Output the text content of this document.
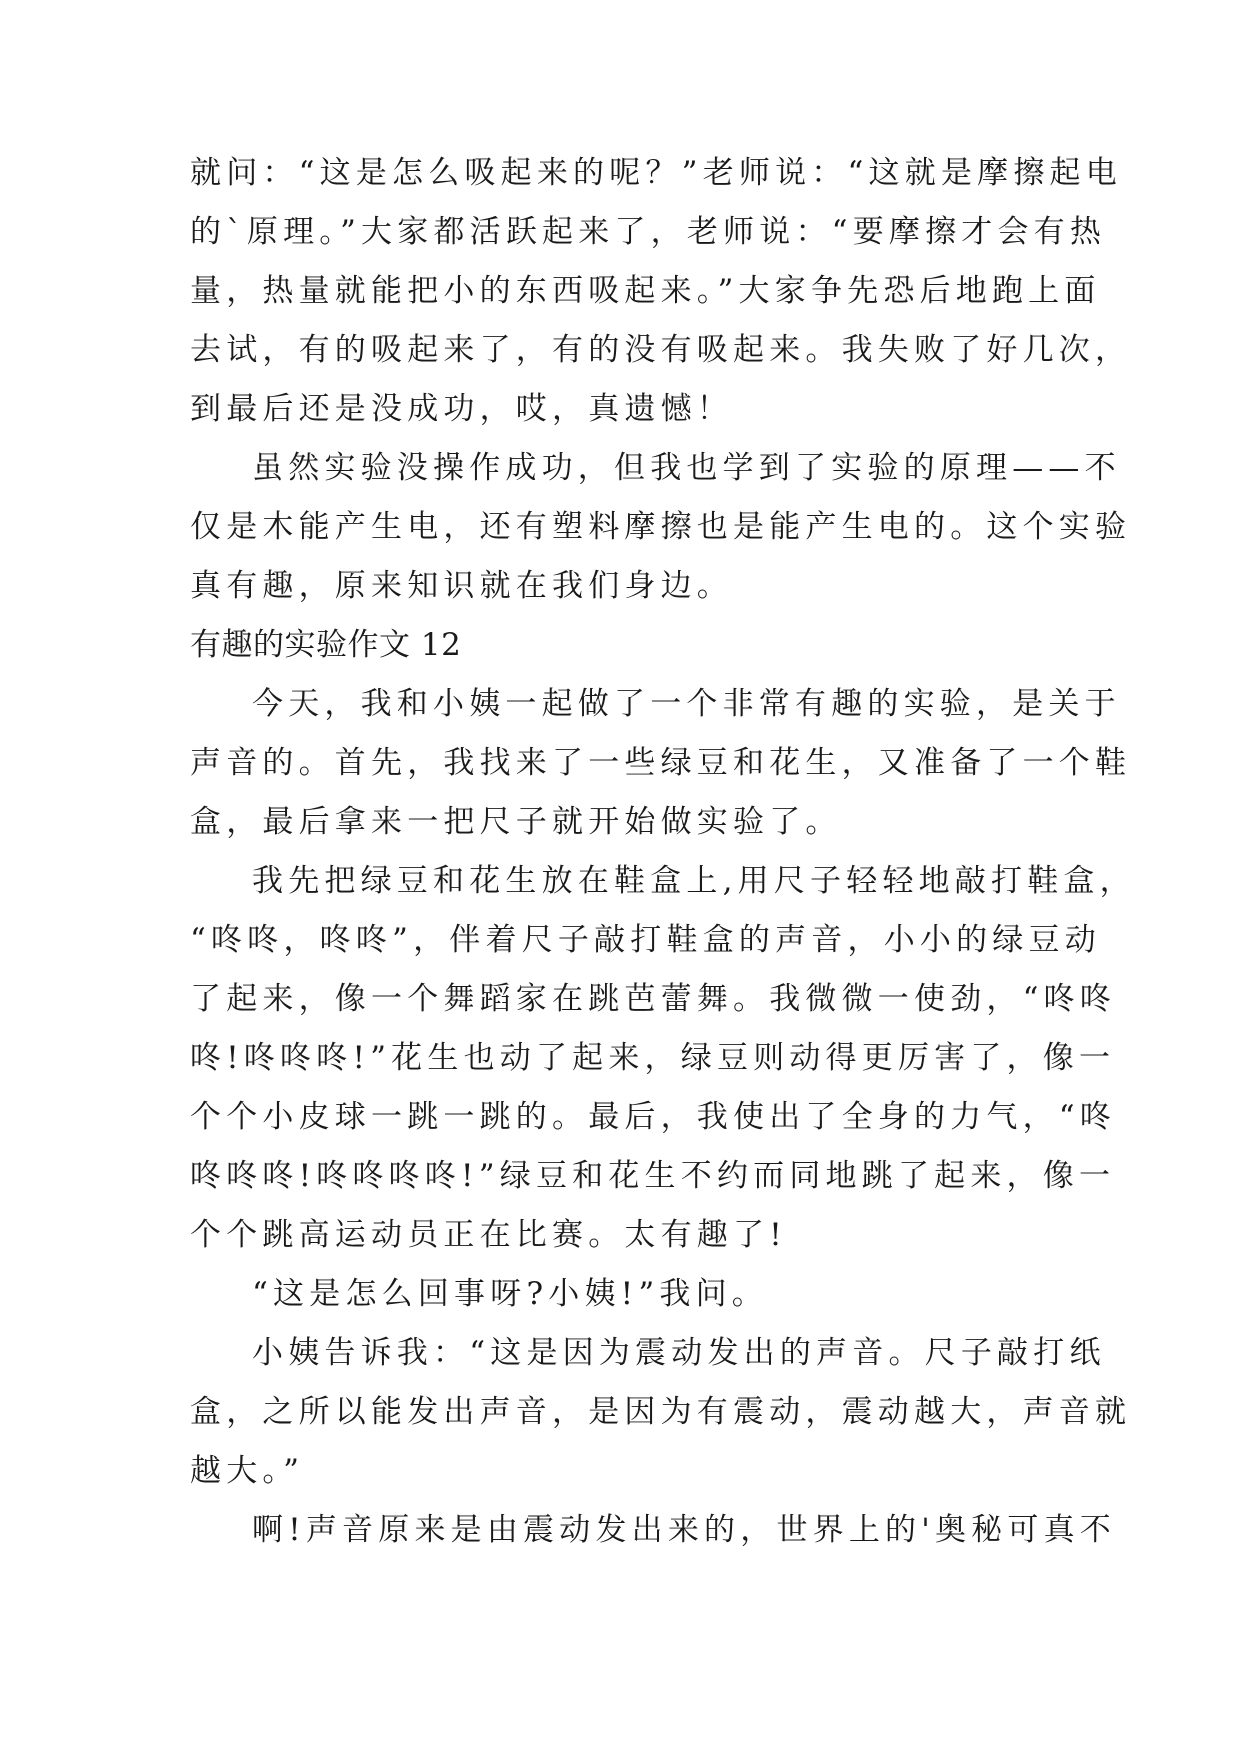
就问：“这是怎么吸起来的呢？”老师说：“这就是摩擦起电
的`原理。”大家都活跃起来了，老师说：“要摩擦才会有热
量，热量就能把小的东西吸起来。”大家争先恐后地跑上面
去试，有的吸起来了，有的没有吸起来。我失败了好几次，
到最后还是没成功，哎，真遗憾！
虽然实验没操作成功，但我也学到了实验的原理——不
仅是木能产生电，还有塑料摩擦也是能产生电的。这个实验
真有趣，原来知识就在我们身边。
有趣的实验作文 12
今天，我和小姨一起做了一个非常有趣的实验，是关于
声音的。首先，我找来了一些绿豆和花生，又准备了一个鞋
盒，最后拿来一把尺子就开始做实验了。
我先把绿豆和花生放在鞋盒上,用尺子轻轻地敲打鞋盒，
“咚咚，咚咚”，伴着尺子敲打鞋盒的声音，小小的绿豆动
了起来，像一个舞蹈家在跳芭蕾舞。我微微一使劲，“咚咚
咚!咚咚咚!”花生也动了起来，绿豆则动得更厉害了，像一
个个小皮球一跳一跳的。最后，我使出了全身的力气，“咚
咚咚咚!咚咚咚咚!”绿豆和花生不约而同地跳了起来，像一
个个跳高运动员正在比赛。太有趣了!
“这是怎么回事呀?小姨!”我问。
小姨告诉我：“这是因为震动发出的声音。尺子敲打纸
盒，之所以能发出声音，是因为有震动，震动越大，声音就
越大。”
啊!声音原来是由震动发出来的，世界上的'奥秘可真不
